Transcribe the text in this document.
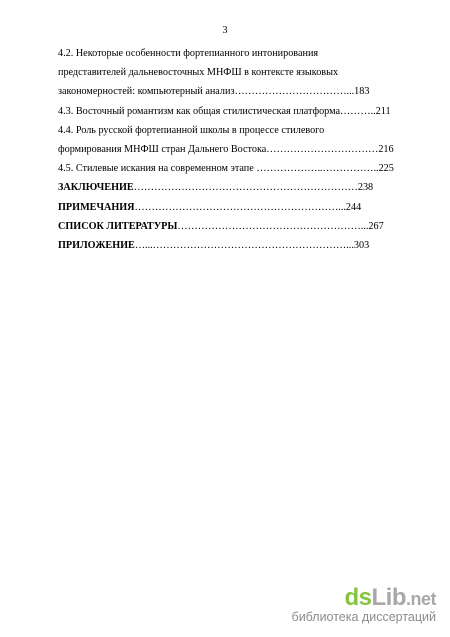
3
4.2. Некоторые особенности фортепианного интонирования
представителей дальневосточных МНФШ в контексте языковых
закономерностей: компьютерный анализ……………………………...183
4.3. Восточный романтизм как общая стилистическая платформа………..211
4.4. Роль русской фортепианной школы в процессе стилевого
формирования МНФШ стран Дальнего Востока……………………………216
4.5. Стилевые искания на современном этапе ………………..……………..225
ЗАКЛЮЧЕНИЕ…………………………………………………………238
ПРИМЕЧАНИЯ……………………………………………………...244
СПИСОК ЛИТЕРАТУРЫ………………………………………………...267
ПРИЛОЖЕНИЕ…...…………………………………………………...303
dsLib.net
библиотека диссертаций
